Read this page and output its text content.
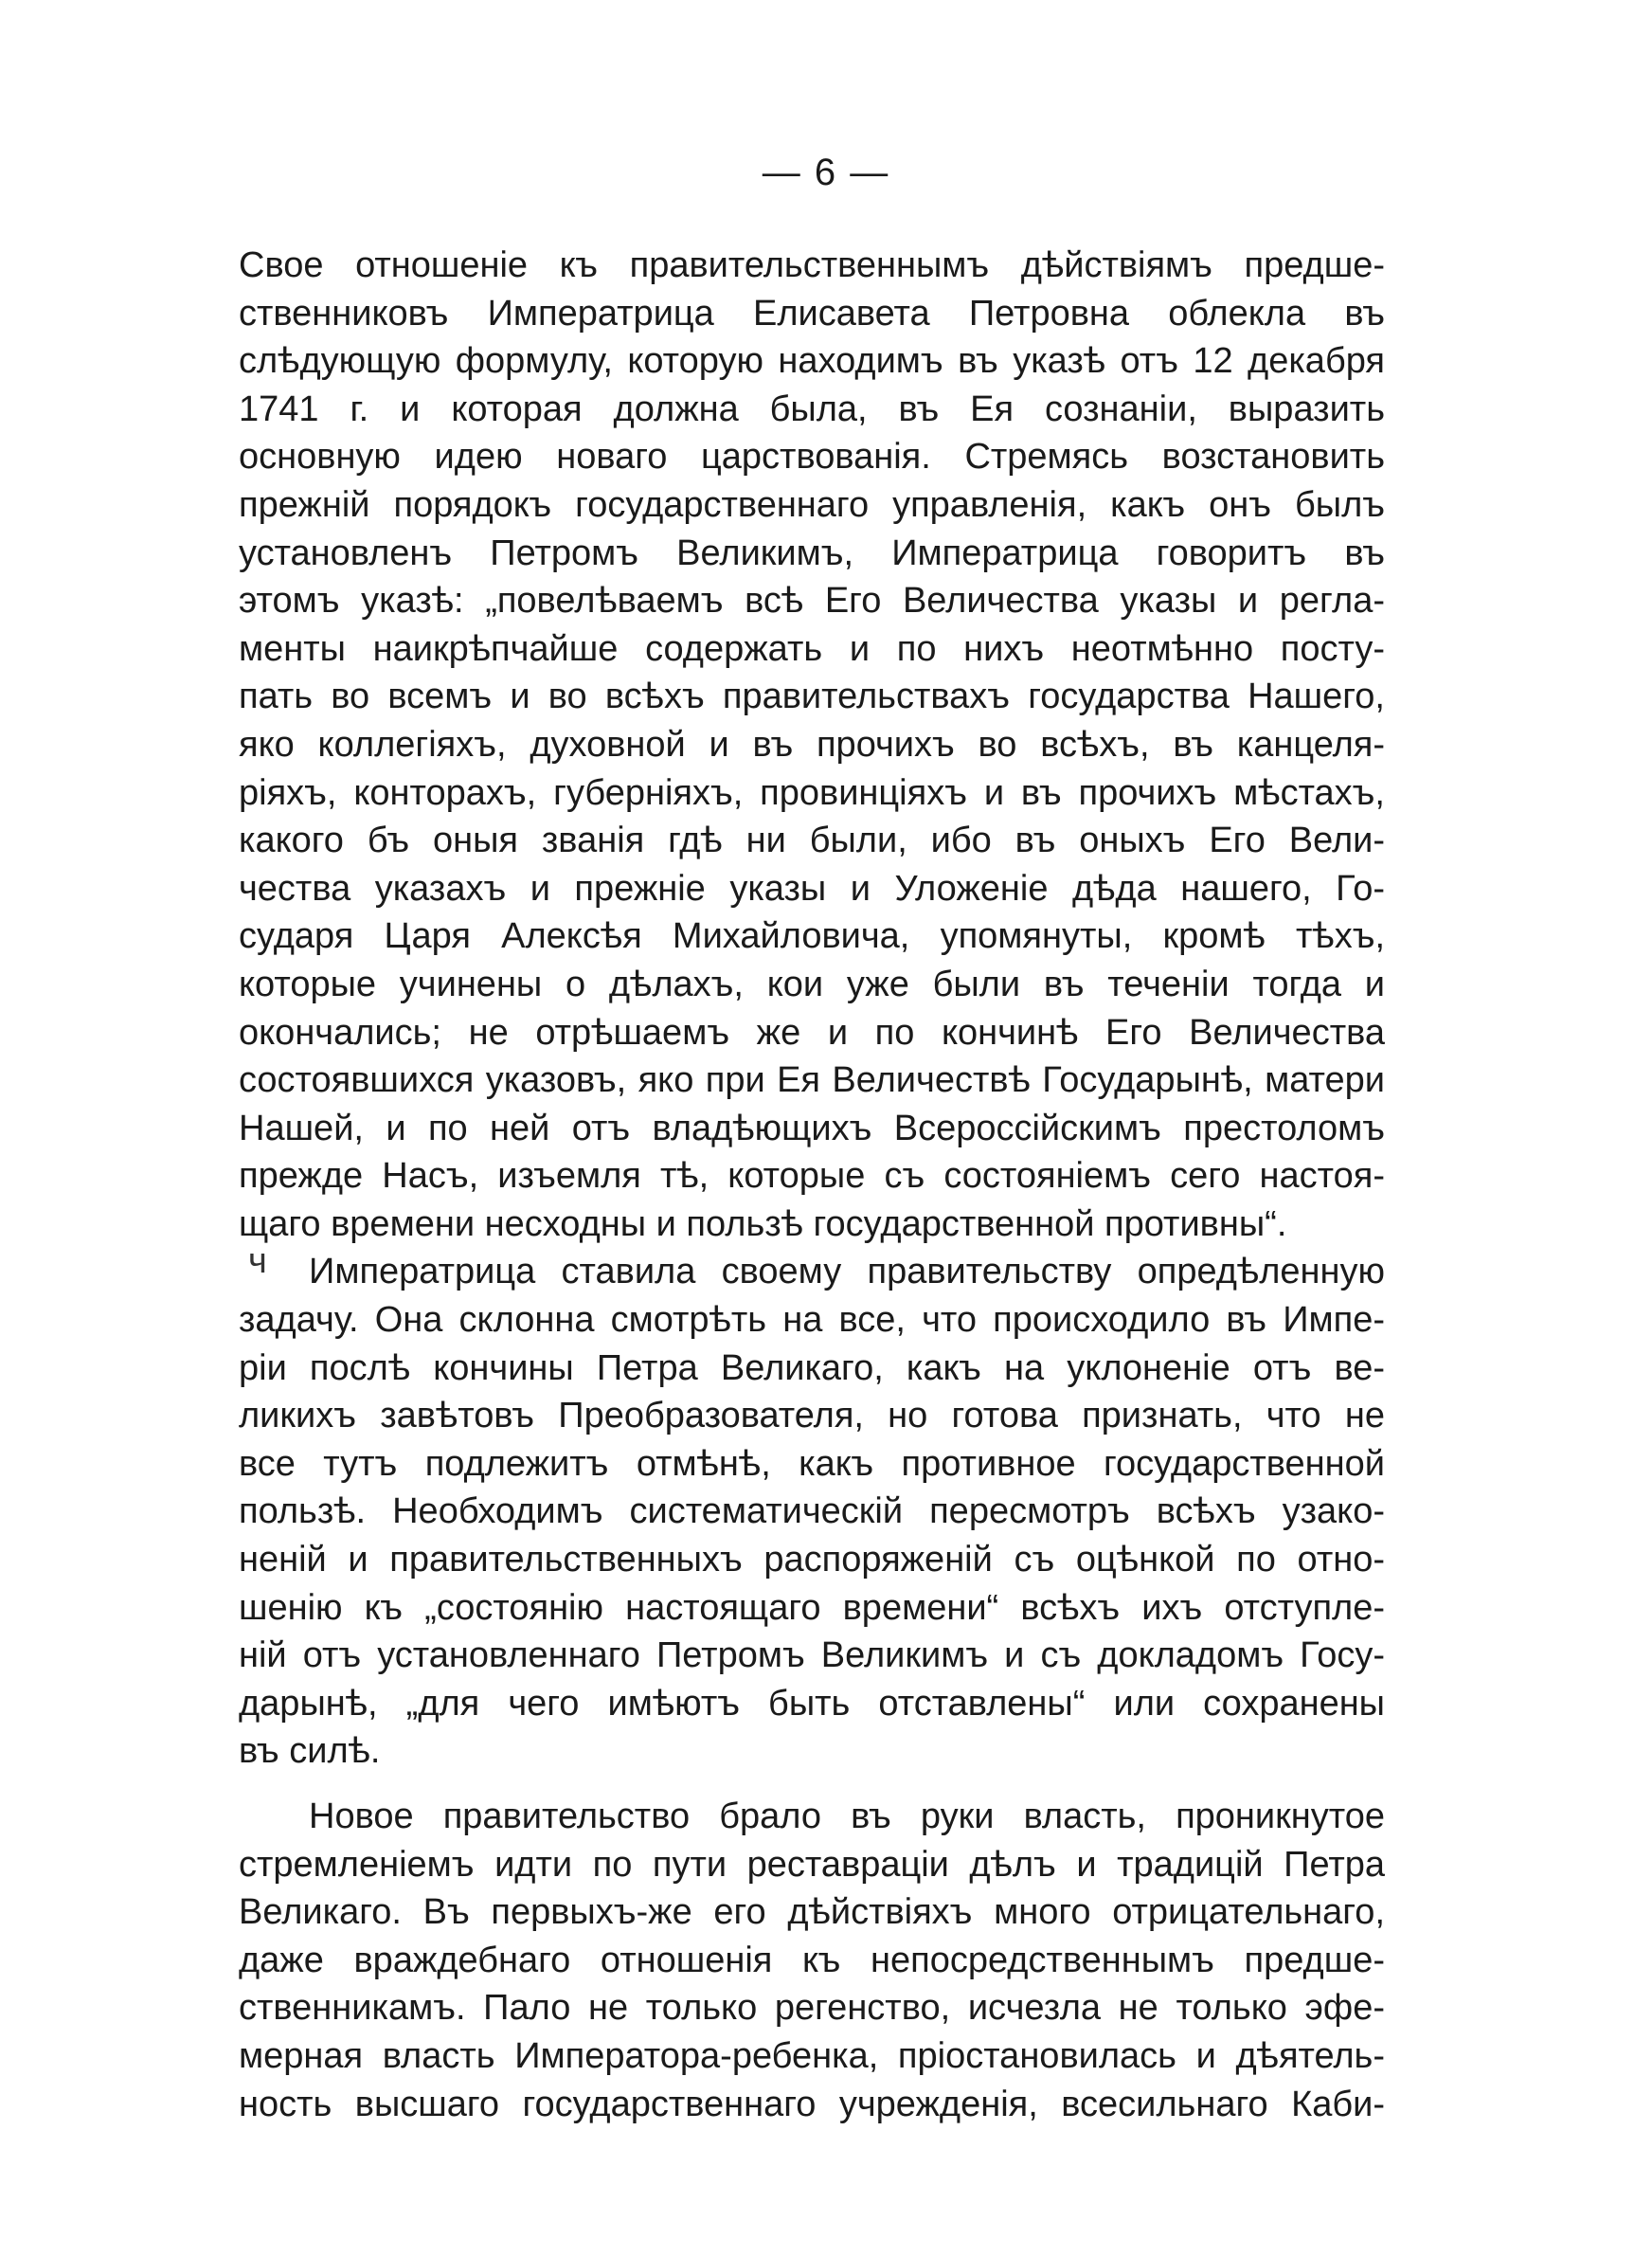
— 6 —
ч
Свое отношеніе къ правительственнымъ дѣйствіямъ предше-
ственниковъ Императрица Елисавета Петровна облекла въ
слѣдующую формулу, которую находимъ въ указѣ отъ 12 декабря
1741 г. и которая должна была, въ Ея сознаніи, выразить
основную идею новаго царствованія. Стремясь возстановить
прежній порядокъ государственнаго управленія, какъ онъ былъ
установленъ Петромъ Великимъ, Императрица говоритъ въ
этомъ указѣ: „повелѣваемъ всѣ Его Величества указы и регла-
менты наикрѣпчайше содержать и по нихъ неотмѣнно посту-
пать во всемъ и во всѣхъ правительствахъ государства Нашего,
яко коллегіяхъ, духовной и въ прочихъ во всѣхъ, въ канцеля-
ріяхъ, конторахъ, губерніяхъ, провинціяхъ и въ прочихъ мѣстахъ,
какого бъ оныя званія гдѣ ни были, ибо въ оныхъ Его Вели-
чества указахъ и прежніе указы и Уложеніе дѣда нашего, Го-
сударя Царя Алексѣя Михайловича, упомянуты, кромѣ тѣхъ,
которые учинены о дѣлахъ, кои уже были въ теченіи тогда и
окончались; не отрѣшаемъ же и по кончинѣ Его Величества
состоявшихся указовъ, яко при Ея Величествѣ Государынѣ, матери
Нашей, и по ней отъ владѣющихъ Всероссійскимъ престоломъ
прежде Насъ, изъемля тѣ, которые съ состояніемъ сего настоя-
щаго времени несходны и пользѣ государственной противны“.
Императрица ставила своему правительству опредѣленную
задачу. Она склонна смотрѣть на все, что происходило въ Импе-
ріи послѣ кончины Петра Великаго, какъ на уклоненіе отъ ве-
ликихъ завѣтовъ Преобразователя, но готова признать, что не
все тутъ подлежитъ отмѣнѣ, какъ противное государственной
пользѣ. Необходимъ систематическій пересмотръ всѣхъ узако-
неній и правительственныхъ распоряженій съ оцѣнкой по отно-
шенію къ „состоянію настоящаго времени“ всѣхъ ихъ отступле-
ній отъ установленнаго Петромъ Великимъ и съ докладомъ Госу-
дарынѣ, „для чего имѣютъ быть отставлены“ или сохранены
въ силѣ.
Новое правительство брало въ руки власть, проникнутое
стремленіемъ идти по пути реставраціи дѣлъ и традицій Петра
Великаго. Въ первыхъ-же его дѣйствіяхъ много отрицательнаго,
даже враждебнаго отношенія къ непосредственнымъ предше-
ственникамъ. Пало не только регенство, исчезла не только эфе-
мерная власть Императора-ребенка, пріостановилась и дѣятель-
ность высшаго государственнаго учрежденія, всесильнаго Каби-
